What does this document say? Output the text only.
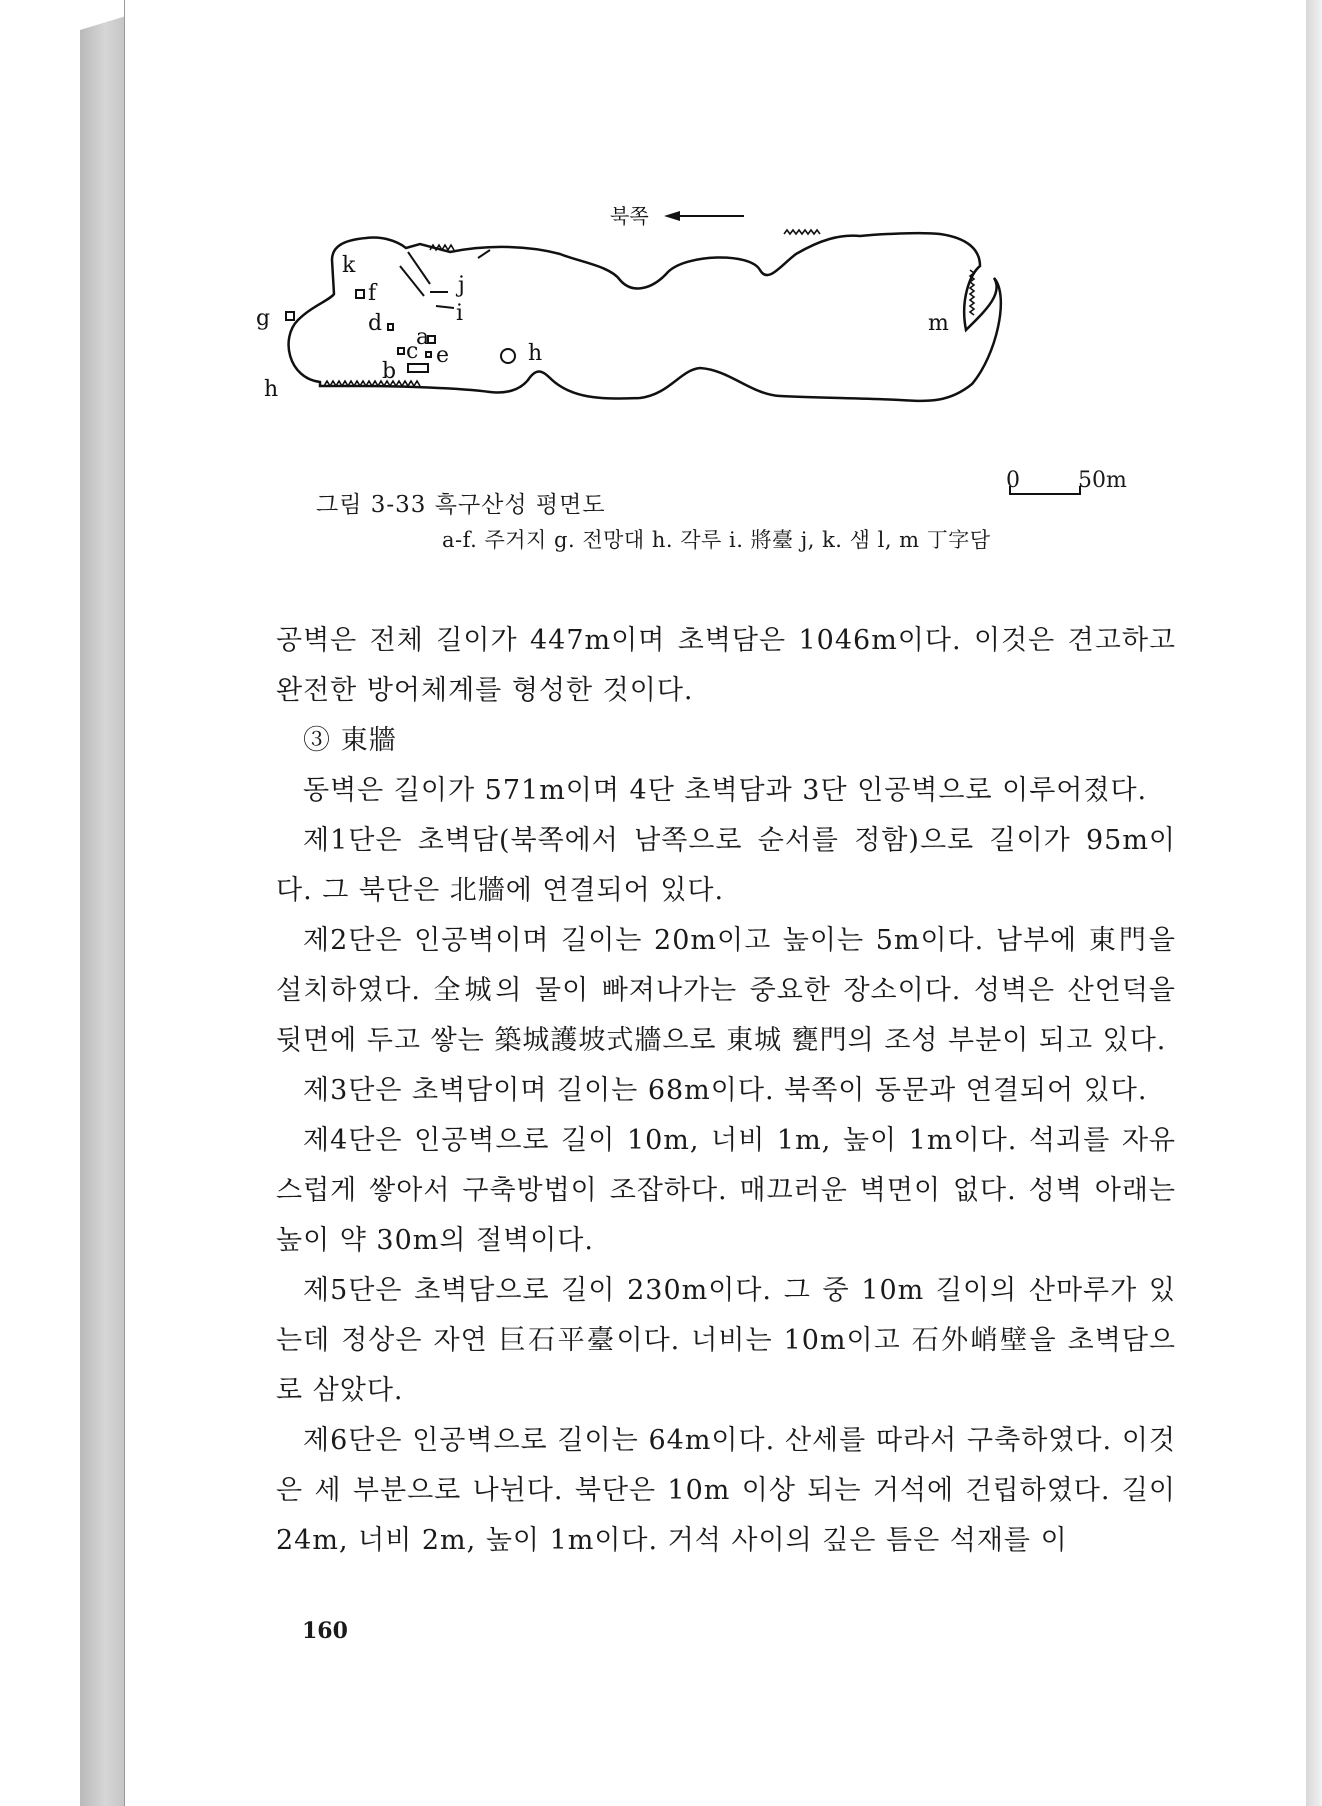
북쪽
k
f
g	d
j
i
a
c e
b
h
h
m
0	50m
그림 3-33 흑구산성 평면도
a-f. 주거지 g. 전망대 h. 각루 i. 將臺 j, k. 샘 l, m 丁字담

공벽은 전체 길이가 447m이며 초벽담은 1046m이다. 이것은 견고하고 완전한 방어체계를 형성한 것이다.

③ 東牆

동벽은 길이가 571m이며 4단 초벽담과 3단 인공벽으로 이루어졌다.

제1단은 초벽담(북쪽에서 남쪽으로 순서를 정함)으로 길이가 95m이다. 그 북단은 北牆에 연결되어 있다.

제2단은 인공벽이며 길이는 20m이고 높이는 5m이다. 남부에 東門을 설치하였다. 全城의 물이 빠져나가는 중요한 장소이다. 성벽은 산언덕을 뒷면에 두고 쌓는 築城護坡式牆으로 東城 甕門의 조성 부분이 되고 있다.

제3단은 초벽담이며 길이는 68m이다. 북쪽이 동문과 연결되어 있다.

제4단은 인공벽으로 길이 10m, 너비 1m, 높이 1m이다. 석괴를 자유스럽게 쌓아서 구축방법이 조잡하다. 매끄러운 벽면이 없다. 성벽 아래는 높이 약 30m의 절벽이다.

제5단은 초벽담으로 길이 230m이다. 그 중 10m 길이의 산마루가 있는데 정상은 자연 巨石平臺이다. 너비는 10m이고 石外峭壁을 초벽담으로 삼았다.

제6단은 인공벽으로 길이는 64m이다. 산세를 따라서 구축하였다. 이것은 세 부분으로 나뉜다. 북단은 10m 이상 되는 거석에 건립하였다. 길이 24m, 너비 2m, 높이 1m이다. 거석 사이의 깊은 틈은 석재를 이

160
